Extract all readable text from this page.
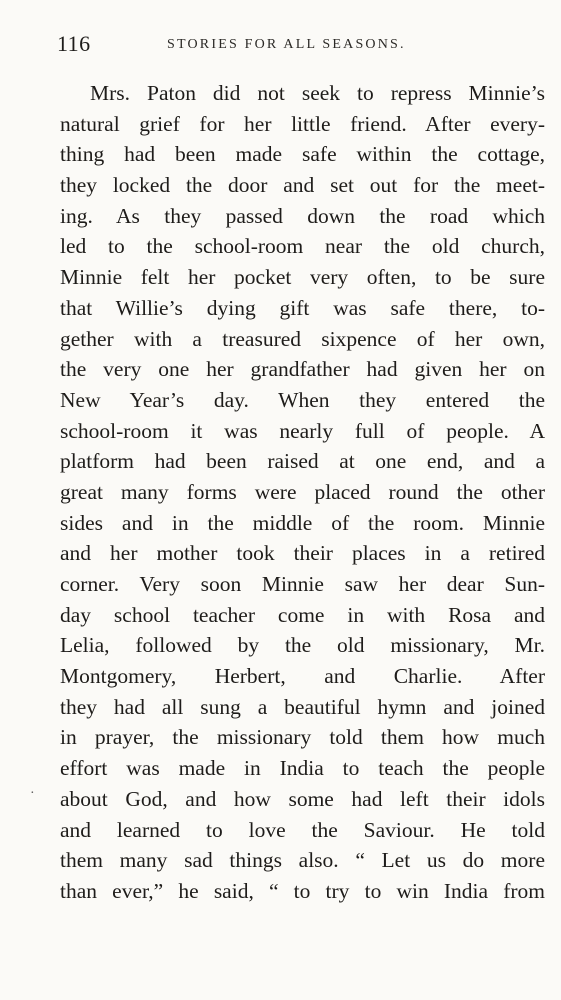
116	STORIES FOR ALL SEASONS.
Mrs. Paton did not seek to repress Minnie’s
natural grief for her little friend. After every-
thing had been made safe within the cottage,
they locked the door and set out for the meet-
ing. As they passed down the road which
led to the school-room near the old church,
Minnie felt her pocket very often, to be sure
that Willie’s dying gift was safe there, to-
gether with a treasured sixpence of her own,
the very one her grandfather had given her on
New Year’s day. When they entered the
school-room it was nearly full of people. A
platform had been raised at one end, and a
great many forms were placed round the other
sides and in the middle of the room. Minnie
and her mother took their places in a retired
corner. Very soon Minnie saw her dear Sun-
day school teacher come in with Rosa and
Lelia, followed by the old missionary, Mr.
Montgomery, Herbert, and Charlie. After
they had all sung a beautiful hymn and joined
in prayer, the missionary told them how much
effort was made in India to teach the people
about God, and how some had left their idols
and learned to love the Saviour. He told
them many sad things also. “ Let us do more
than ever,” he said, “ to try to win India from
·
